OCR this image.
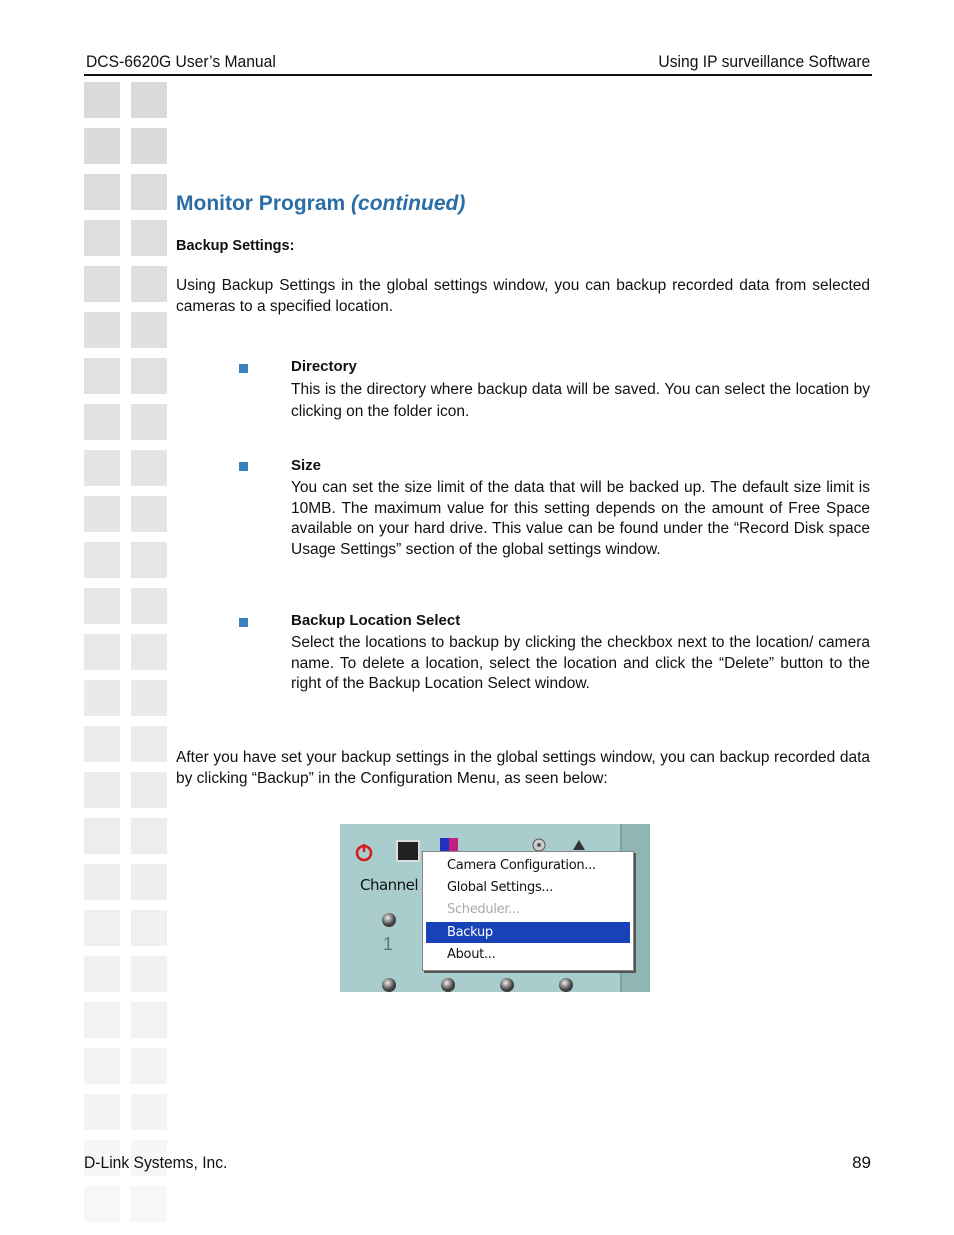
DCS-6620G User’s Manual	Using IP surveillance Software
Monitor Program (continued)
Backup Settings:
Using Backup Settings in the global settings window, you can backup recorded data from selected cameras to a specified location.
Directory
This is the directory where backup data will be saved. You can select the location by clicking on the folder icon.
Size
You can set the size limit of the data that will be backed up. The default size limit is 10MB. The maximum value for this setting depends on the amount of Free Space available on your hard drive. This value can be found under the “Record Disk space Usage Settings” section of the global settings window.
Backup Location Select
Select the locations to backup by clicking the checkbox next to the location/ camera name. To delete a location, select the location and click the “Delete” button to the right of the Backup Location Select window.
After you have set your backup settings in the global settings window, you can backup recorded data by clicking “Backup” in the Configuration Menu, as seen below:
Channel
1
Camera Configuration...
Global Settings...
Scheduler...
Backup
About...
D-Link Systems, Inc.	89
